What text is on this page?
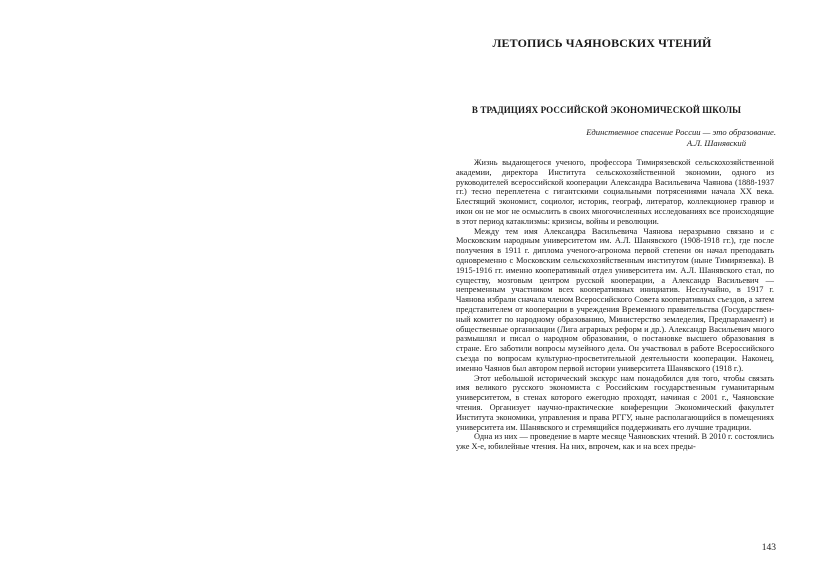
ЛЕТОПИСЬ ЧАЯНОВСКИХ ЧТЕНИЙ
В ТРАДИЦИЯХ РОССИЙСКОЙ ЭКОНОМИЧЕСКОЙ ШКОЛЫ
Единственное спасение России — это образование.
А.Л. Шанявский

Жизнь выдающегося ученого, профессора Тимирязевской сельскохозяйственной академии, директора Института сельскохозяйственной экономии, одного из руководителей всероссийской кооперации Александра Васильевича Чаянова (1888-1937 гг.) тесно переплетена с гигантскими социальными потрясениями начала XX века. Блестящий экономист, социолог, историк, географ, литератор, коллекционер гравюр и икон он не мог не осмыслить в своих многочисленных исследованиях все происходящие в этот период катаклизмы: кризисы, войны и революции.

Между тем имя Александра Васильевича Чаянова неразрывно связано и с Московским народным университетом им. А.Л. Шанявского (1908-1918 гг.), где после получения в 1911 г. диплома ученого-агронома первой степени он начал преподавать одновременно с Московским сельскохозяйственным институтом (ныне Тимирязевка). В 1915-1916 гг. именно кооперативный отдел университета им. А.Л. Шанявского стал, по существу, мозговым центром русской кооперации, а Александр Васильевич — непременным участником всех кооперативных инициатив. Неслучайно, в 1917 г. Чаянова избрали сначала членом Всероссийского Совета кооперативных съездов, а затем представителем от кооперации в учреждения Временного правительства (Государственный комитет по народному образованию, Министерство земледелия, Предпарламент) и общественные организации (Лига аграрных реформ и др.). Александр Васильевич много размышлял и писал о народном образовании, о постановке высшего образования в стране. Его заботили вопросы музейного дела. Он участвовал в работе Всероссийского съезда по вопросам культурно-просветительной деятельности кооперации. Наконец, именно Чаянов был автором первой истории университета Шанявского (1918 г.).

Этот небольшой исторический экскурс нам понадобился для того, чтобы связать имя великого русского экономиста с Российским государственным гуманитарным университетом, в стенах которого ежегодно проходят, начиная с 2001 г., Чаяновские чтения. Организует научно-практические конференции Экономический факультет Института экономики, управления и права РГГУ, ныне располагающийся в помещениях университета им. Шанявского и стремящийся поддерживать его лучшие традиции.

Одна из них — проведение в марте месяце Чаяновских чтений. В 2010 г. состоялись уже Х-е, юбилейные чтения. На них, впрочем, как и на всех преды-

143
